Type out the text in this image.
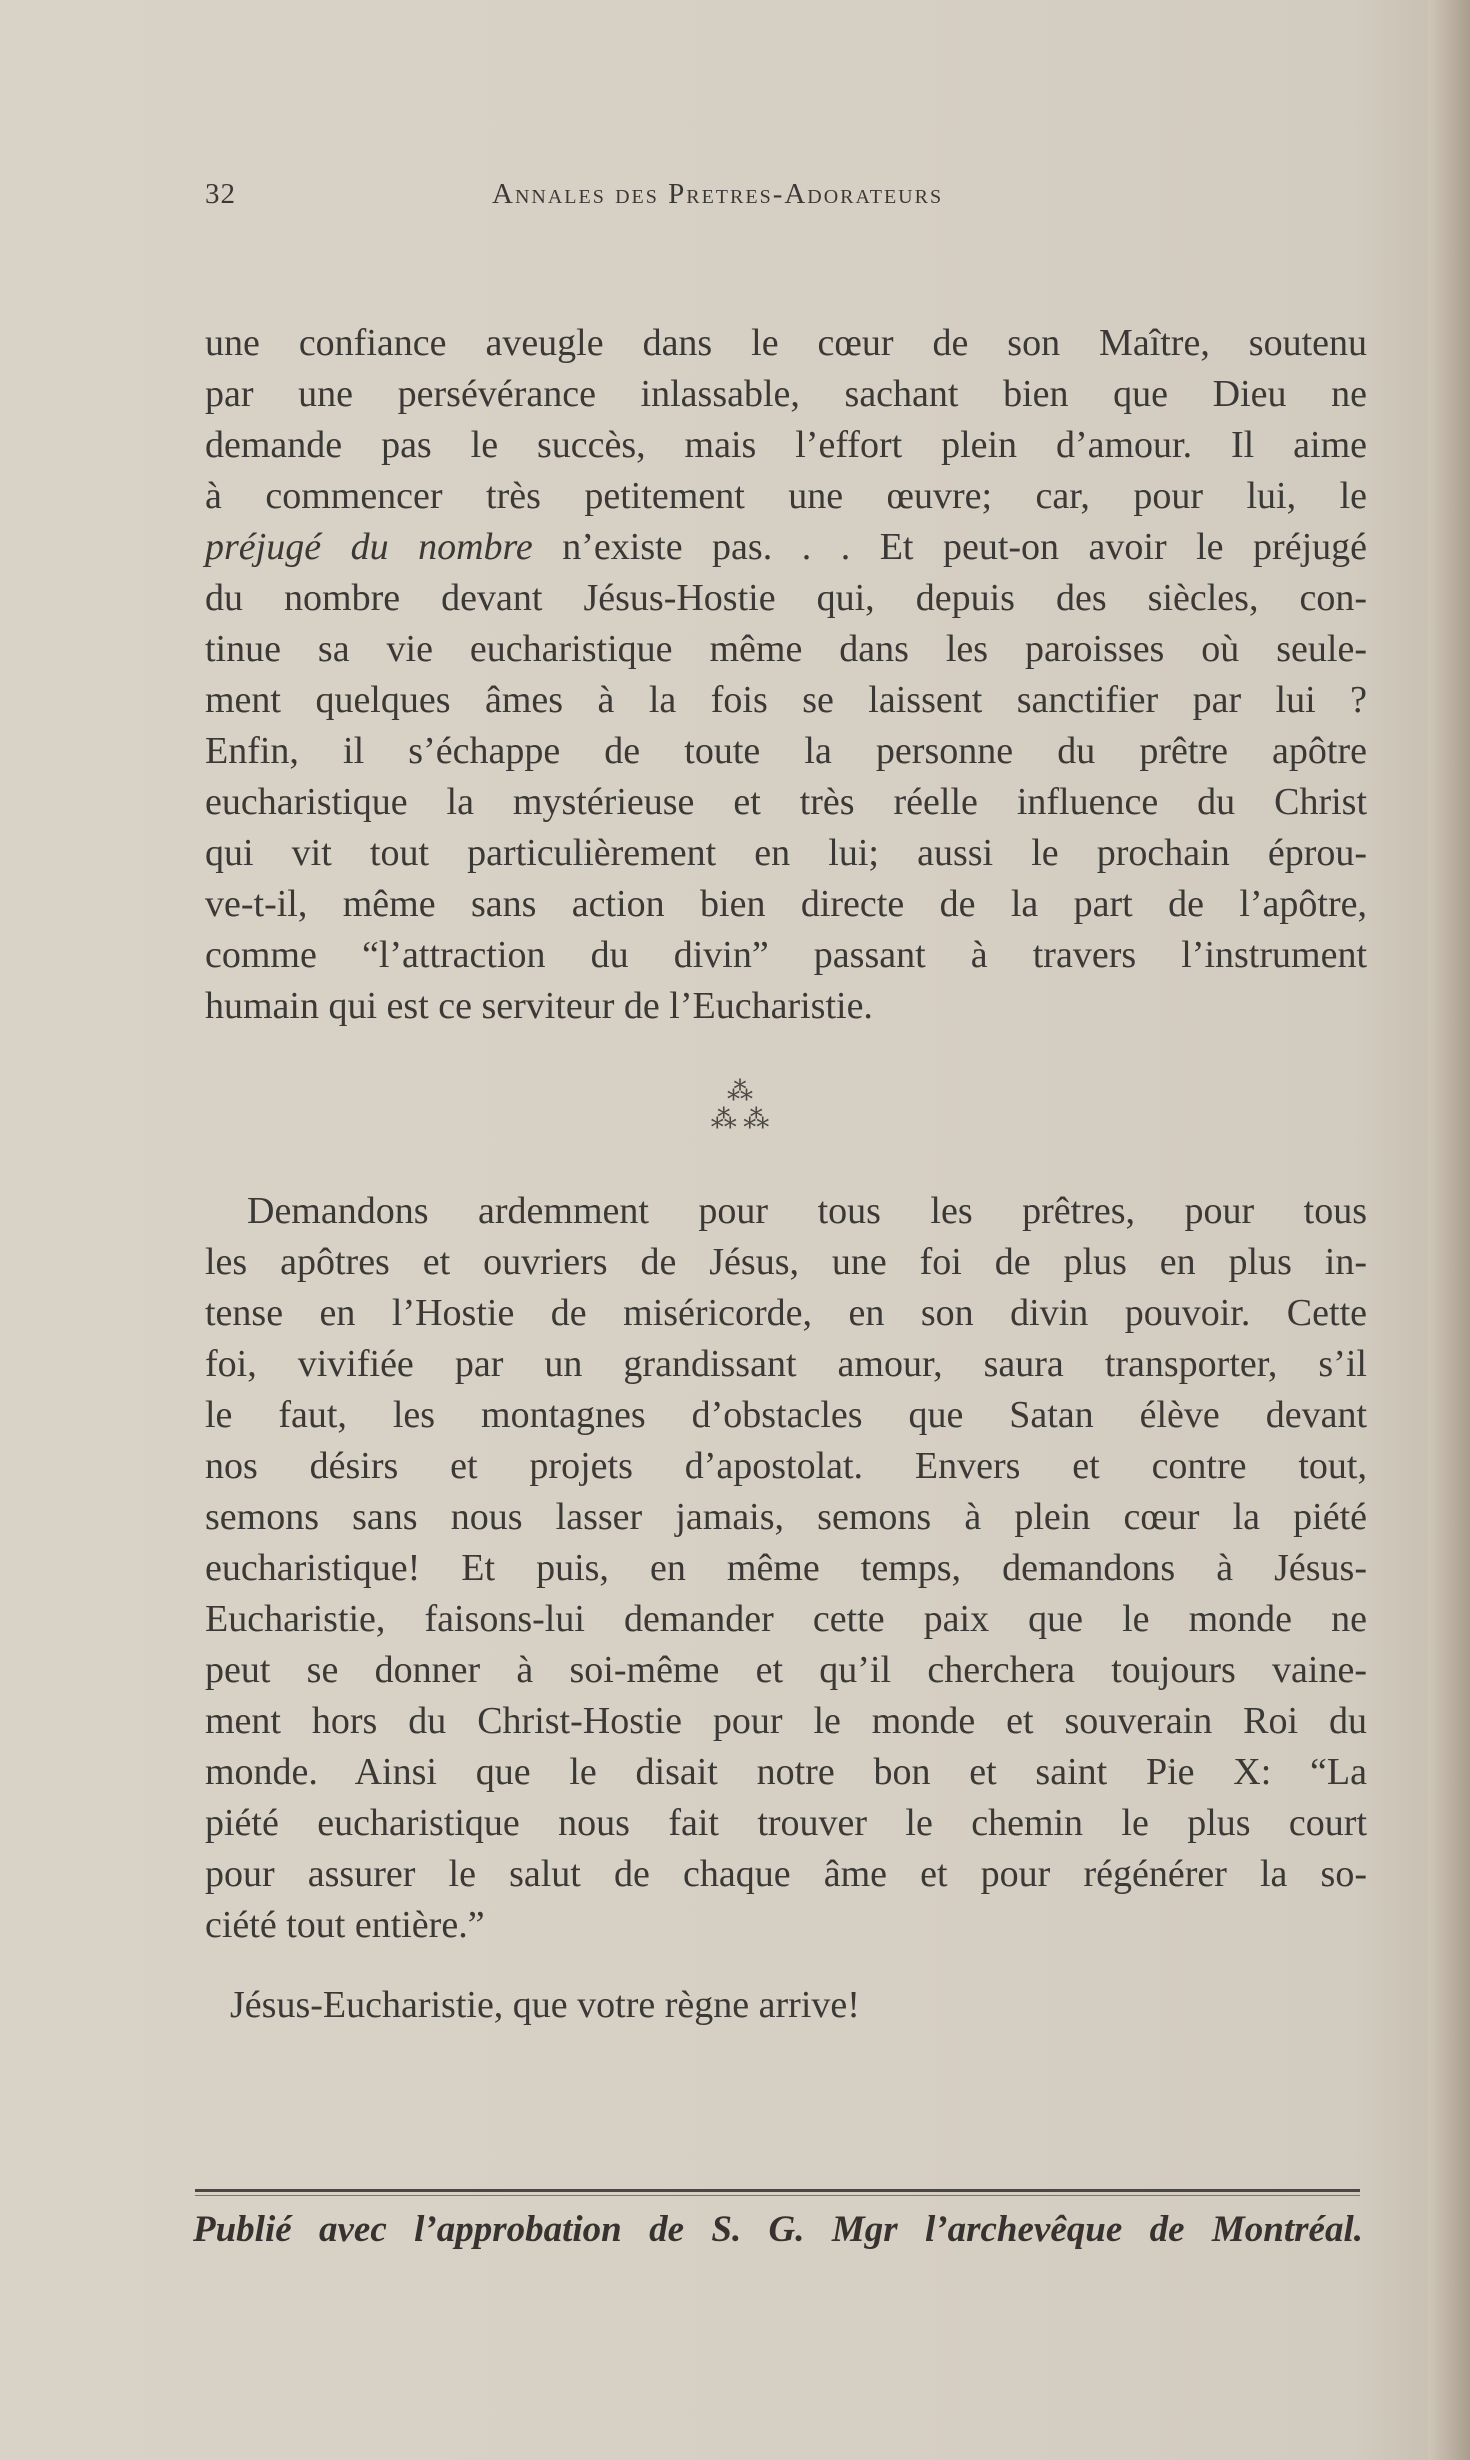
32	Annales des Pretres-Adorateurs
une confiance aveugle dans le cœur de son Maître, soutenu
par une persévérance inlassable, sachant bien que Dieu ne
demande pas le succès, mais l’effort plein d’amour. Il aime
à commencer très petitement une œuvre; car, pour lui, le
préjugé du nombre n’existe pas. . . Et peut-on avoir le préjugé
du nombre devant Jésus-Hostie qui, depuis des siècles, con-
tinue sa vie eucharistique même dans les paroisses où seule-
ment quelques âmes à la fois se laissent sanctifier par lui ?
Enfin, il s’échappe de toute la personne du prêtre apôtre
eucharistique la mystérieuse et très réelle influence du Christ
qui vit tout particulièrement en lui; aussi le prochain éprou-
ve-t-il, même sans action bien directe de la part de l’apôtre,
comme “l’attraction du divin” passant à travers l’instrument
humain qui est ce serviteur de l’Eucharistie.
⁂
⁂ ⁂
Demandons ardemment pour tous les prêtres, pour tous
les apôtres et ouvriers de Jésus, une foi de plus en plus in-
tense en l’Hostie de miséricorde, en son divin pouvoir. Cette
foi, vivifiée par un grandissant amour, saura transporter, s’il
le faut, les montagnes d’obstacles que Satan élève devant
nos désirs et projets d’apostolat. Envers et contre tout,
semons sans nous lasser jamais, semons à plein cœur la piété
eucharistique! Et puis, en même temps, demandons à Jésus-
Eucharistie, faisons-lui demander cette paix que le monde ne
peut se donner à soi-même et qu’il cherchera toujours vaine-
ment hors du Christ-Hostie pour le monde et souverain Roi du
monde. Ainsi que le disait notre bon et saint Pie X: “La
piété eucharistique nous fait trouver le chemin le plus court
pour assurer le salut de chaque âme et pour régénérer la so-
ciété tout entière.”
Jésus-Eucharistie, que votre règne arrive!
Publié avec l’approbation de S. G. Mgr l’archevêque de Montréal.
